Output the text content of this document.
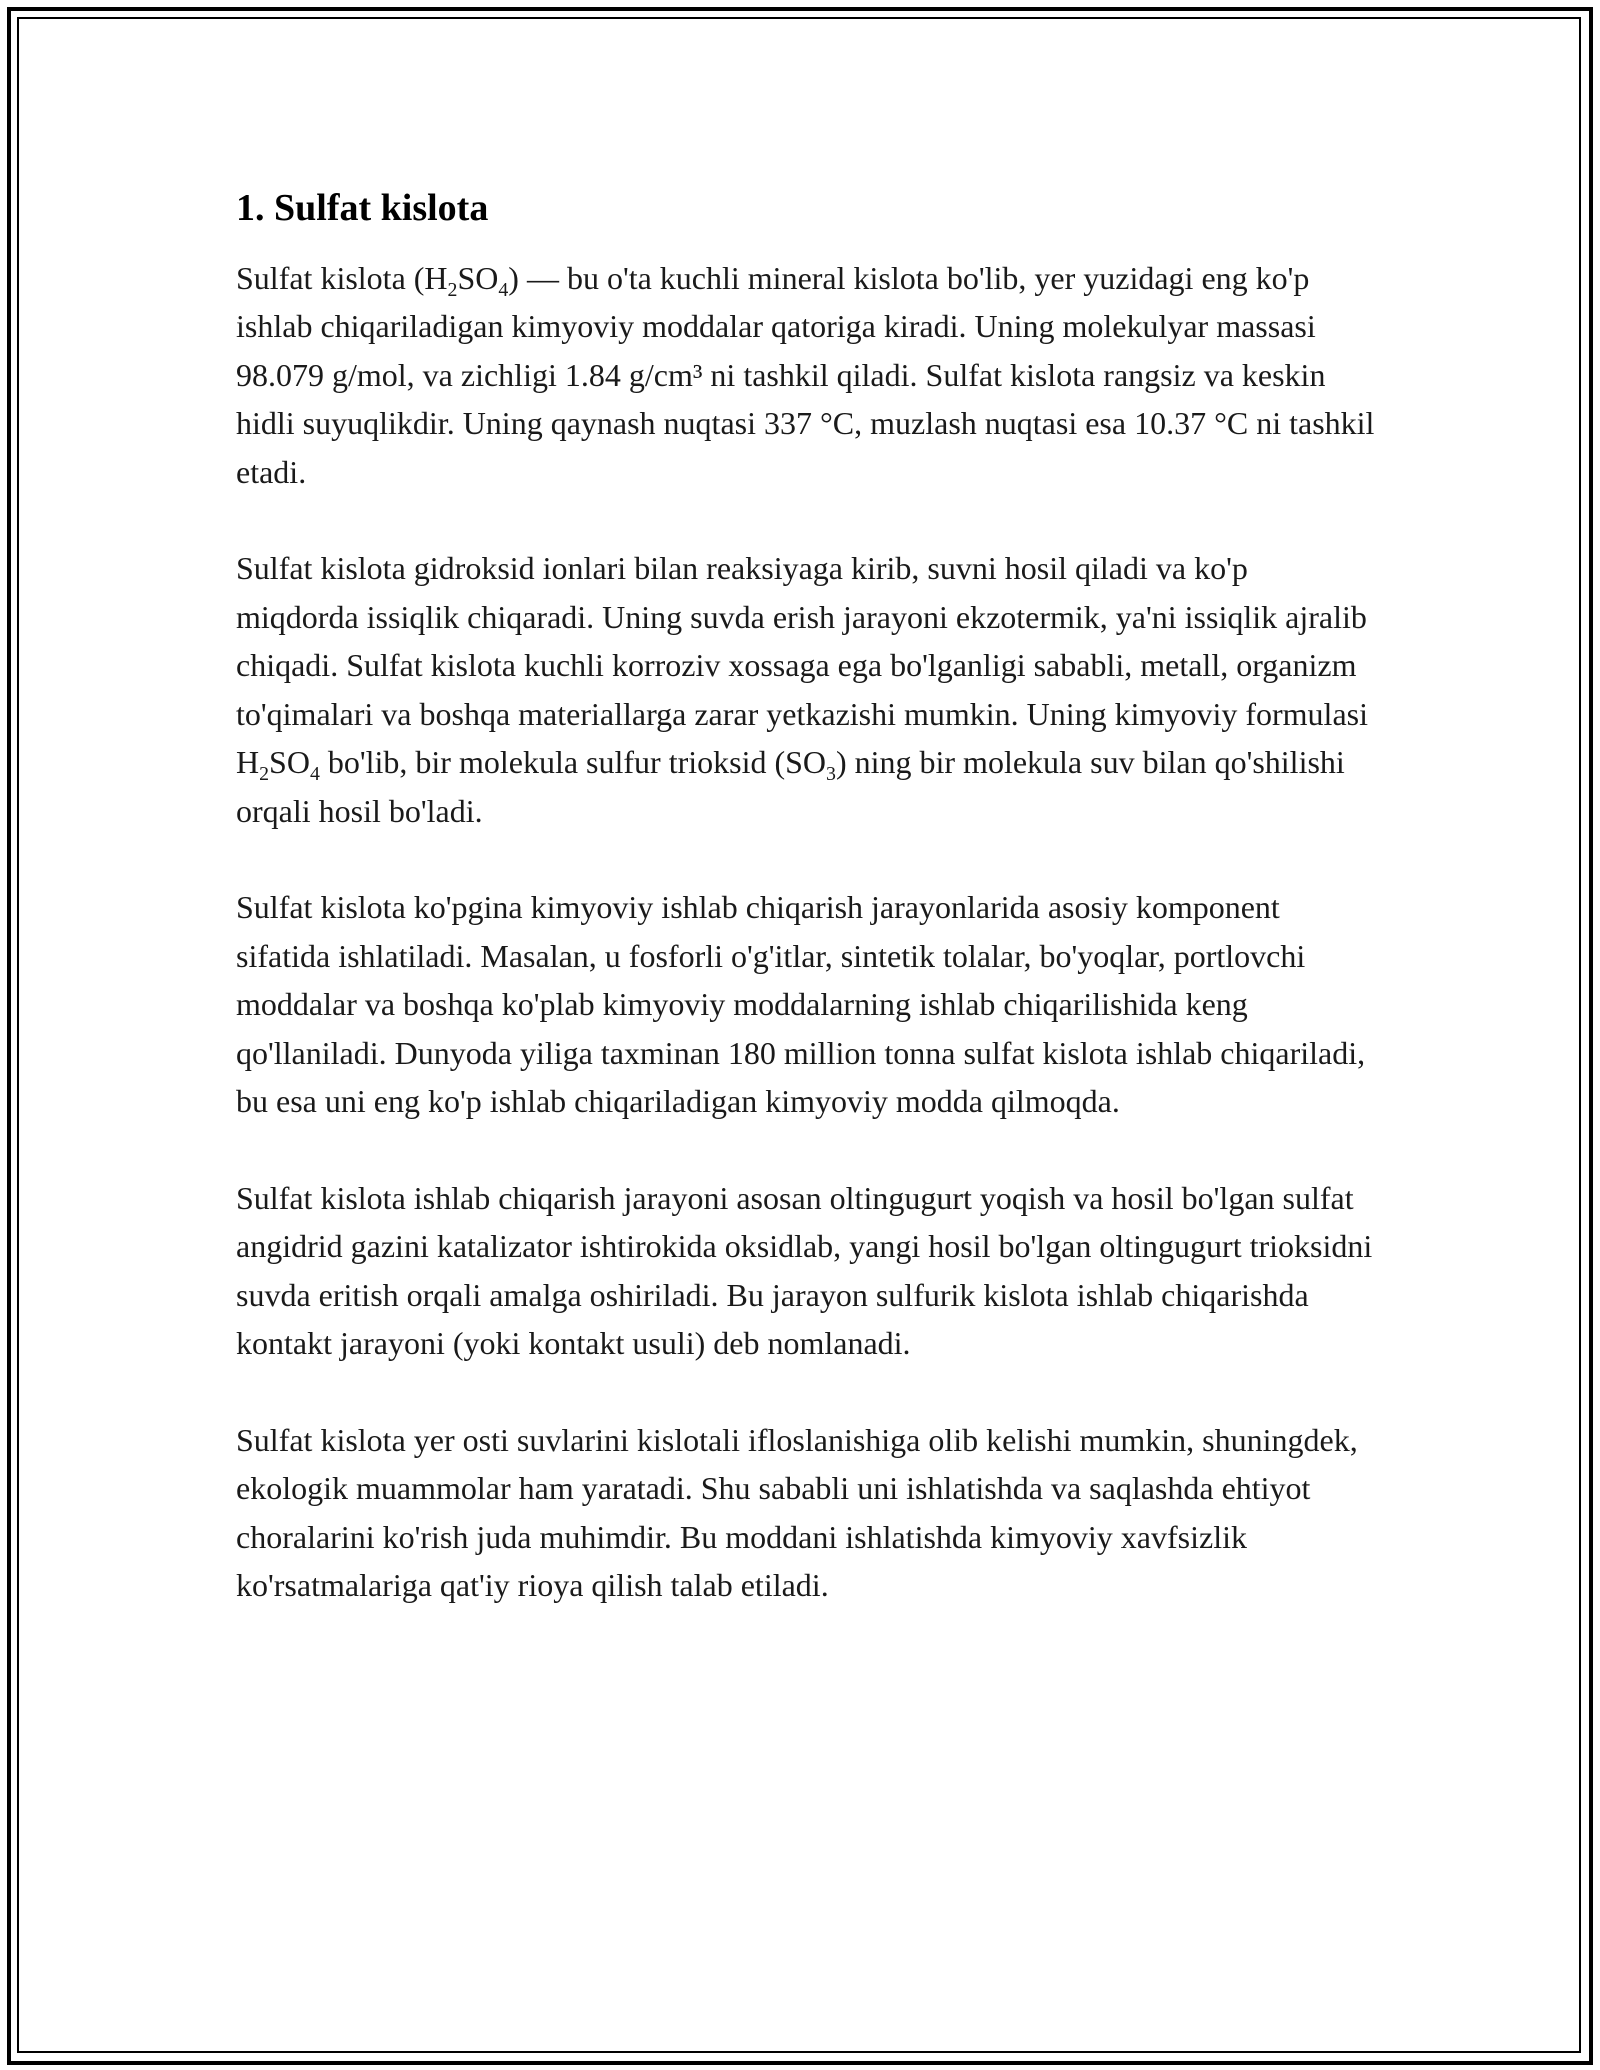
1. Sulfat kislota

Sulfat kislota $(H_2SO_4)$ — bu o'ta kuchli mineral kislota bo'lib, yer yuzidagi eng ko'p ishlab chiqariladigan kimyoviy moddalar qatoriga kiradi. Uning molekulyar massasi 98.079 g/mol, va zichligi 1.84 g/cm³ ni tashkil qiladi. Sulfat kislota rangsiz va keskin hidli suyuqlikdir. Uning qaynash nuqtasi 337 °C, muzlash nuqtasi esa 10.37 °C ni tashkil etadi.

Sulfat kislota gidroksid ionlari bilan reaksiyaga kirib, suvni hosil qiladi va ko'p miqdorda issiqlik chiqaradi. Uning suvda erish jarayoni ekzotermik, ya'ni issiqlik ajralib chiqadi. Sulfat kislota kuchli korroziv xossaga ega bo'lganligi sababli, metall, organizm to'qimalari va boshqa materiallarga zarar yetkazishi mumkin. Uning kimyoviy formulasi $H_2SO_4$ bo'lib, bir molekula sulfur trioksid $(SO_3)$ ning bir molekula suv bilan qo'shilishi orqali hosil bo'ladi.

Sulfat kislota ko'pgina kimyoviy ishlab chiqarish jarayonlarida asosiy komponent sifatida ishlatiladi. Masalan, u fosforli o'g'itlar, sintetik tolalar, bo'yoqlar, portlovchi moddalar va boshqa ko'plab kimyoviy moddalarning ishlab chiqarilishida keng qo'llaniladi. Dunyoda yiliga taxminan 180 million tonna sulfat kislota ishlab chiqariladi, bu esa uni eng ko'p ishlab chiqariladigan kimyoviy modda qilmoqda.

Sulfat kislota ishlab chiqarish jarayoni asosan oltingugurt yoqish va hosil bo'lgan sulfat angidrid gazini katalizator ishtirokida oksidlab, yangi hosil bo'lgan oltingugurt trioksidni suvda eritish orqali amalga oshiriladi. Bu jarayon sulfurik kislota ishlab chiqarishda kontakt jarayoni (yoki kontakt usuli) deb nomlanadi.

Sulfat kislota yer osti suvlarini kislotali ifloslanishiga olib kelishi mumkin, shuningdek, ekologik muammolar ham yaratadi. Shu sababli uni ishlatishda va saqlashda ehtiyot choralarini ko'rish juda muhimdir. Bu moddani ishlatishda kimyoviy xavfsizlik ko'rsatmalariga qat'iy rioya qilish talab etiladi.
